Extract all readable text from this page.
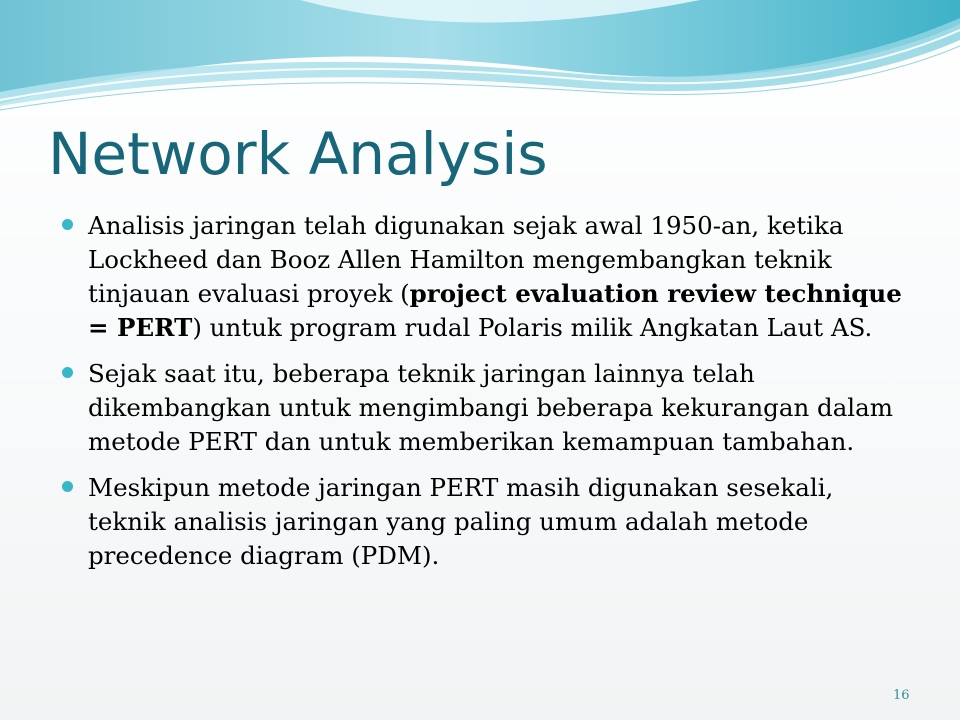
Network Analysis
Analisis jaringan telah digunakan sejak awal 1950-an, ketika Lockheed dan Booz Allen Hamilton mengembangkan teknik tinjauan evaluasi proyek (project evaluation review technique = PERT) untuk program rudal Polaris milik Angkatan Laut AS.
Sejak saat itu, beberapa teknik jaringan lainnya telah dikembangkan untuk mengimbangi beberapa kekurangan dalam metode PERT dan untuk memberikan kemampuan tambahan.
Meskipun metode jaringan PERT masih digunakan sesekali, teknik analisis jaringan yang paling umum adalah metode precedence diagram (PDM).
16
